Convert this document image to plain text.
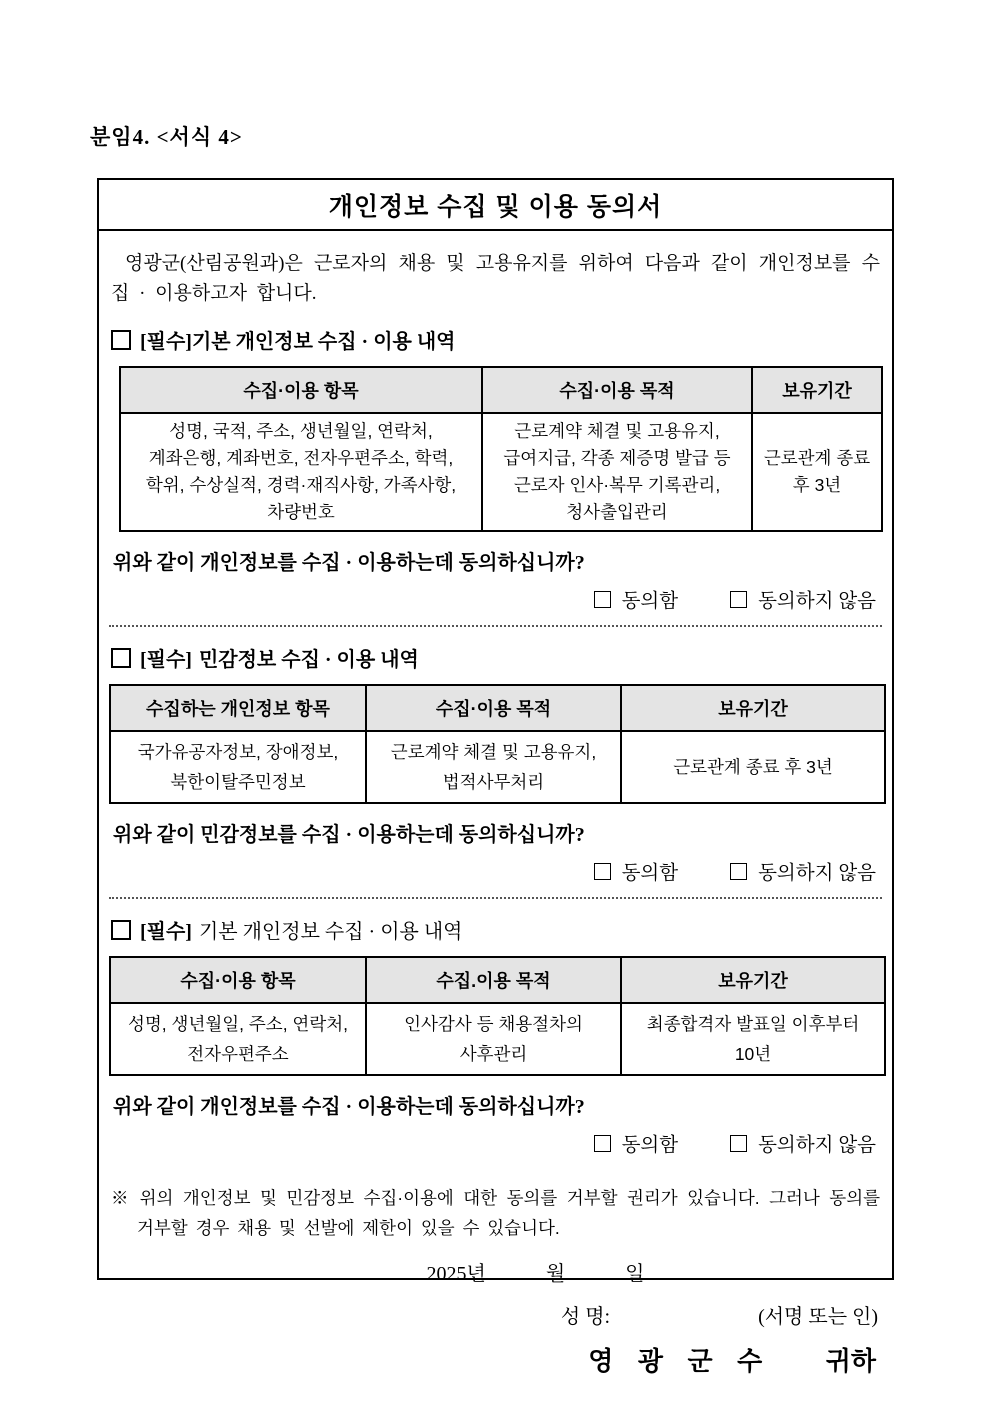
분임4. <서식 4>
개인정보 수집 및 이용 동의서

영광군(산림공원과)은 근로자의 채용 및 고용유지를 위하여 다음과 같이 개인정보를 수집 · 이용하고자 합니다.

[필수]기본 개인정보 수집 · 이용 내역
수집·이용 항목	수집·이용 목적	보유기간

성명, 국적, 주소, 생년월일, 연락처,
계좌은행, 계좌번호, 전자우편주소, 학력,
학위, 수상실적, 경력·재직사항, 가족사항,
차량번호

근로계약 체결 및 고용유지,
급여지급, 각종 제증명 발급 등
근로자 인사·복무 기록관리,
청사출입관리

근로관계 종료
후 3년
위와 같이 개인정보를 수집 · 이용하는데 동의하십니까?
동의함	동의하지 않음
[필수] 민감정보 수집 · 이용 내역
수집하는 개인정보 항목	수집·이용 목적	보유기간

국가유공자정보, 장애정보,
북한이탈주민정보

근로계약 체결 및 고용유지,
법적사무처리

근로관계 종료 후 3년
위와 같이 민감정보를 수집 · 이용하는데 동의하십니까?
동의함	동의하지 않음
[필수] 기본 개인정보 수집 · 이용 내역
수집·이용 항목	수집.이용 목적	보유기간

성명, 생년월일, 주소, 연락처,
전자우편주소

인사감사 등 채용절차의
사후관리

최종합격자 발표일 이후부터
10년
위와 같이 개인정보를 수집 · 이용하는데 동의하십니까?
동의함	동의하지 않음

※ 위의 개인정보 및 민감정보 수집·이용에 대한 동의를 거부할 권리가 있습니다. 그러나 동의를 거부할 경우 채용 및 선발에 제한이 있을 수 있습니다.

2025년	월	일
성 명:	(서명 또는 인)
영 광 군 수 귀하
